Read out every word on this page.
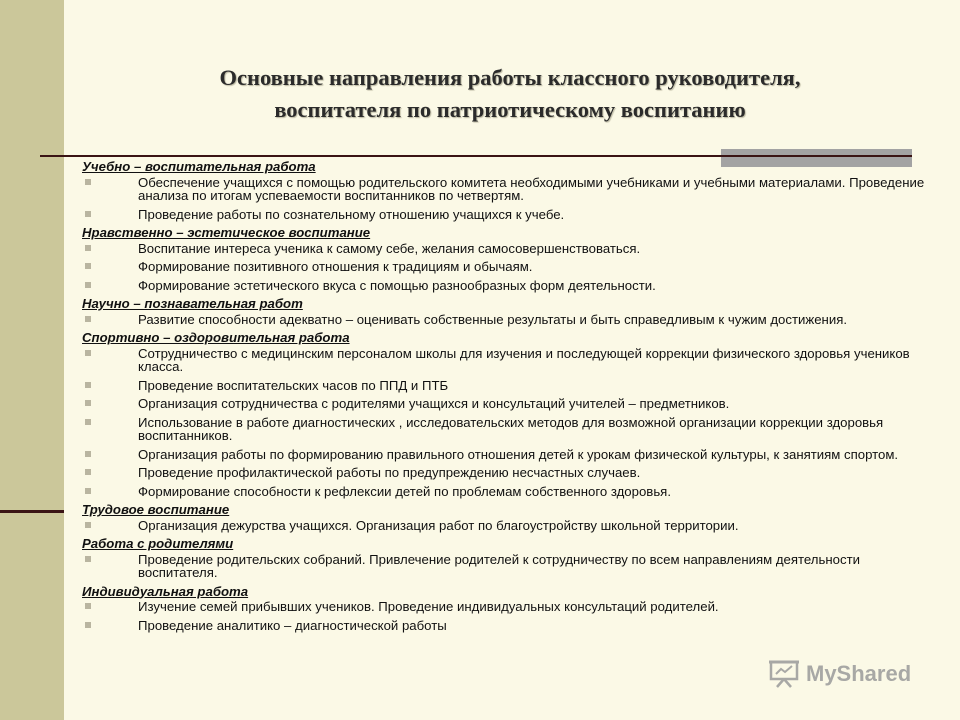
Основные направления работы классного руководителя,
воспитателя по патриотическому воспитанию
Учебно – воспитательная работа
Обеспечение учащихся с помощью родительского комитета необходимыми учебниками и учебными материалами. Проведение анализа по итогам успеваемости воспитанников по четвертям.
Проведение работы по сознательному отношению учащихся к учебе.
Нравственно – эстетическое воспитание
Воспитание интереса ученика к самому себе, желания самосовершенствоваться.
Формирование позитивного отношения к традициям и обычаям.
Формирование эстетического вкуса с помощью разнообразных форм деятельности.
Научно – познавательная работ
Развитие способности адекватно – оценивать собственные результаты и быть справедливым к чужим достижения.
Спортивно – оздоровительная работа
Сотрудничество с медицинским персоналом школы для изучения и последующей коррекции физического здоровья учеников класса.
Проведение воспитательских часов по ППД и ПТБ
Организация сотрудничества с родителями учащихся и консультаций учителей – предметников.
Использование в работе диагностических , исследовательских методов для возможной организации коррекции здоровья воспитанников.
Организация работы по формированию правильного отношения детей к урокам физической культуры, к занятиям спортом.
Проведение профилактической работы по предупреждению несчастных случаев.
Формирование способности к рефлексии детей по проблемам собственного здоровья.
Трудовое воспитание
Организация дежурства учащихся. Организация работ по благоустройству школьной территории.
Работа с родителями
Проведение родительских собраний. Привлечение родителей к сотрудничеству по всем направлениям деятельности воспитателя.
Индивидуальная работа
Изучение семей прибывших учеников. Проведение индивидуальных консультаций родителей.
Проведение аналитико – диагностической работы
MyShared
